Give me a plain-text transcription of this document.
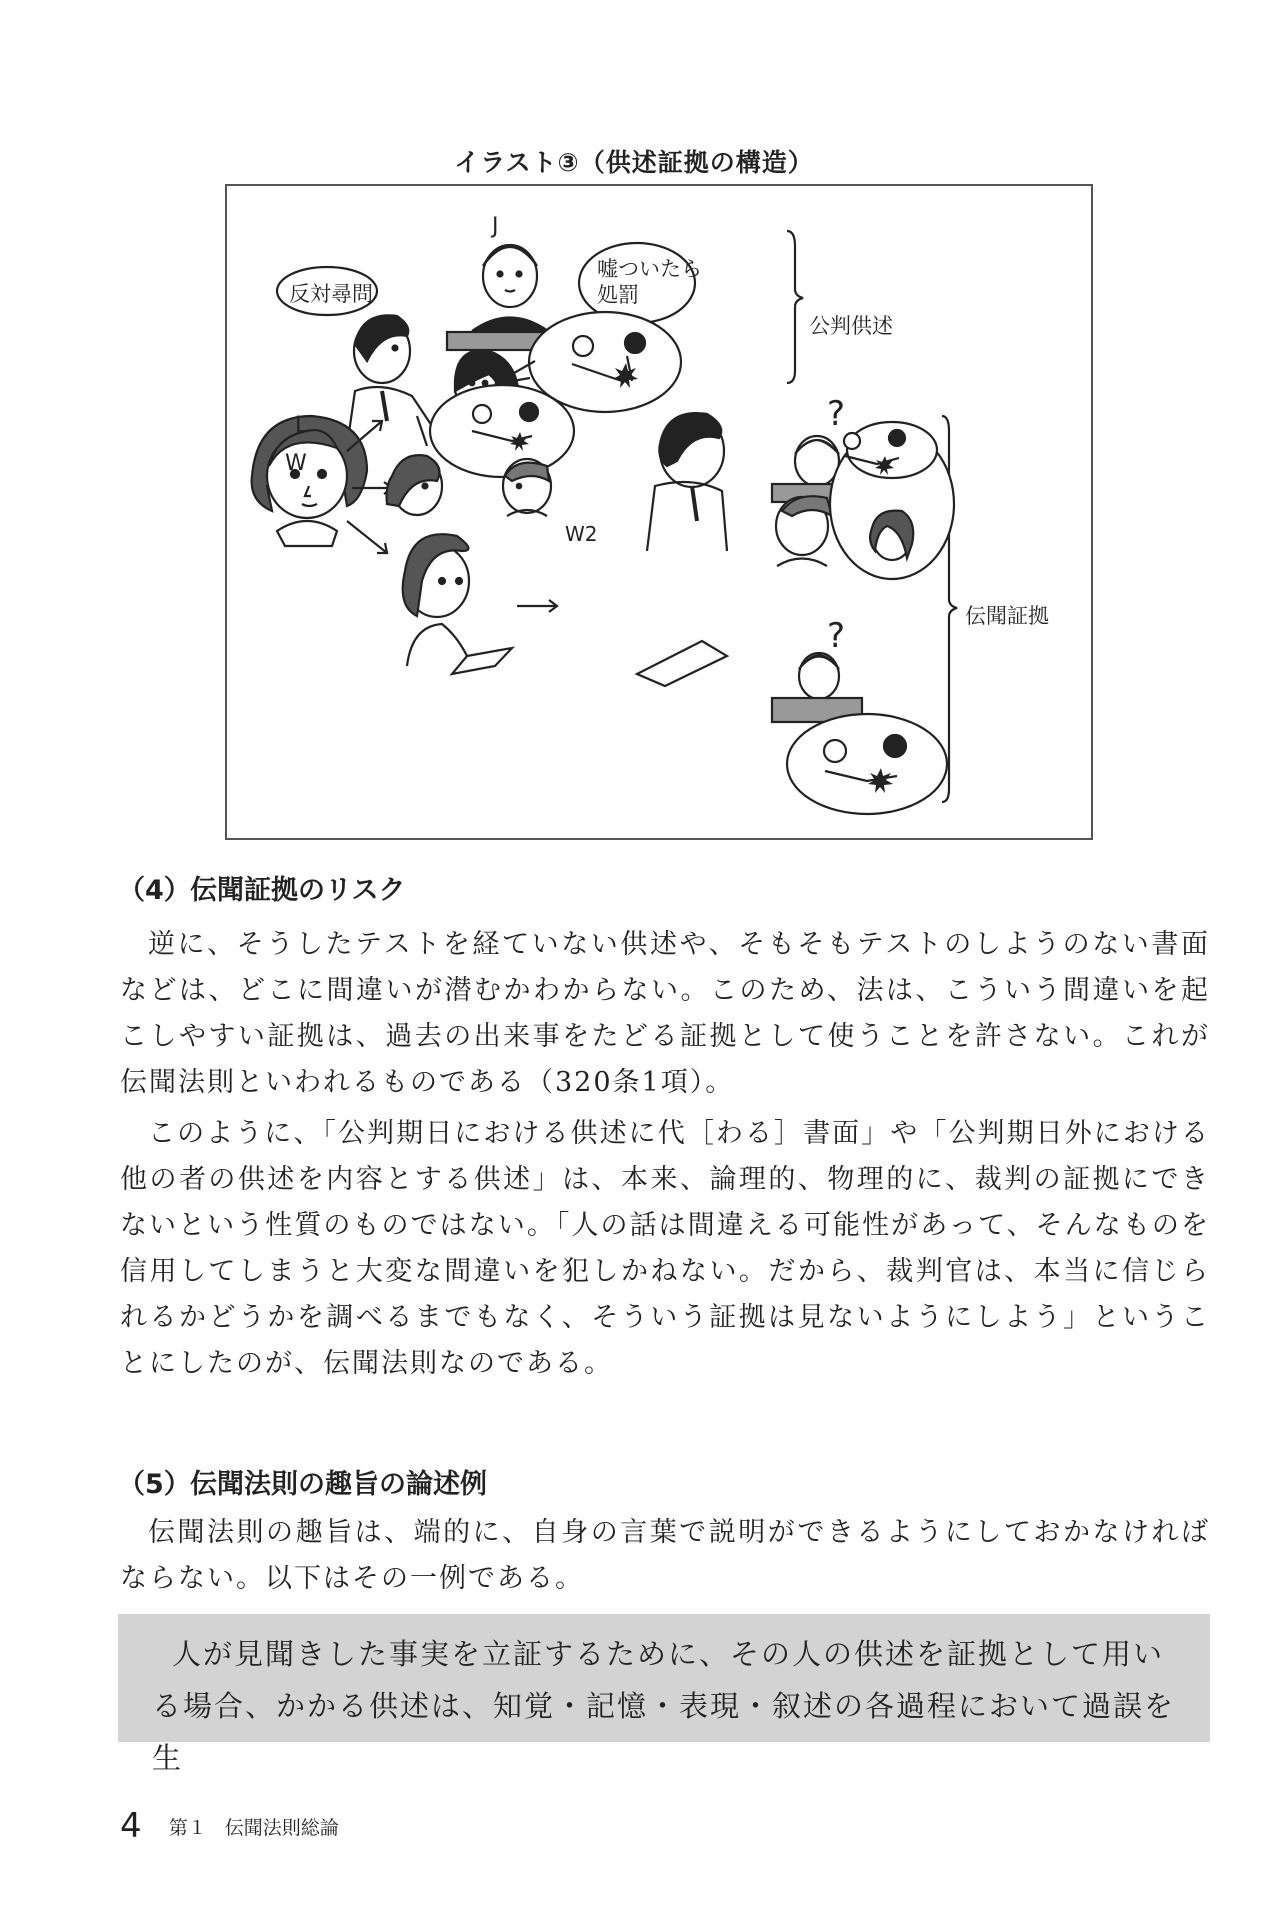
イラスト③（供述証拠の構造）
J
L
W
W2
反対尋問
嘘ついたら
処罰
公判供述
伝聞証拠
?
?
（4）伝聞証拠のリスク

逆に、そうしたテストを経ていない供述や、そもそもテストのしようのない書面などは、どこに間違いが潜むかわからない。このため、法は、こういう間違いを起こしやすい証拠は、過去の出来事をたどる証拠として使うことを許さない。これが伝聞法則といわれるものである（320条1項）。

このように、「公判期日における供述に代［わる］書面」や「公判期日外における他の者の供述を内容とする供述」は、本来、論理的、物理的に、裁判の証拠にできないという性質のものではない。「人の話は間違える可能性があって、そんなものを信用してしまうと大変な間違いを犯しかねない。だから、裁判官は、本当に信じられるかどうかを調べるまでもなく、そういう証拠は見ないようにしよう」ということにしたのが、伝聞法則なのである。

（5）伝聞法則の趣旨の論述例

伝聞法則の趣旨は、端的に、自身の言葉で説明ができるようにしておかなければならない。以下はその一例である。

人が見聞きした事実を立証するために、その人の供述を証拠として用いる場合、かかる供述は、知覚・記憶・表現・叙述の各過程において過誤を生

4 第１ 伝聞法則総論
